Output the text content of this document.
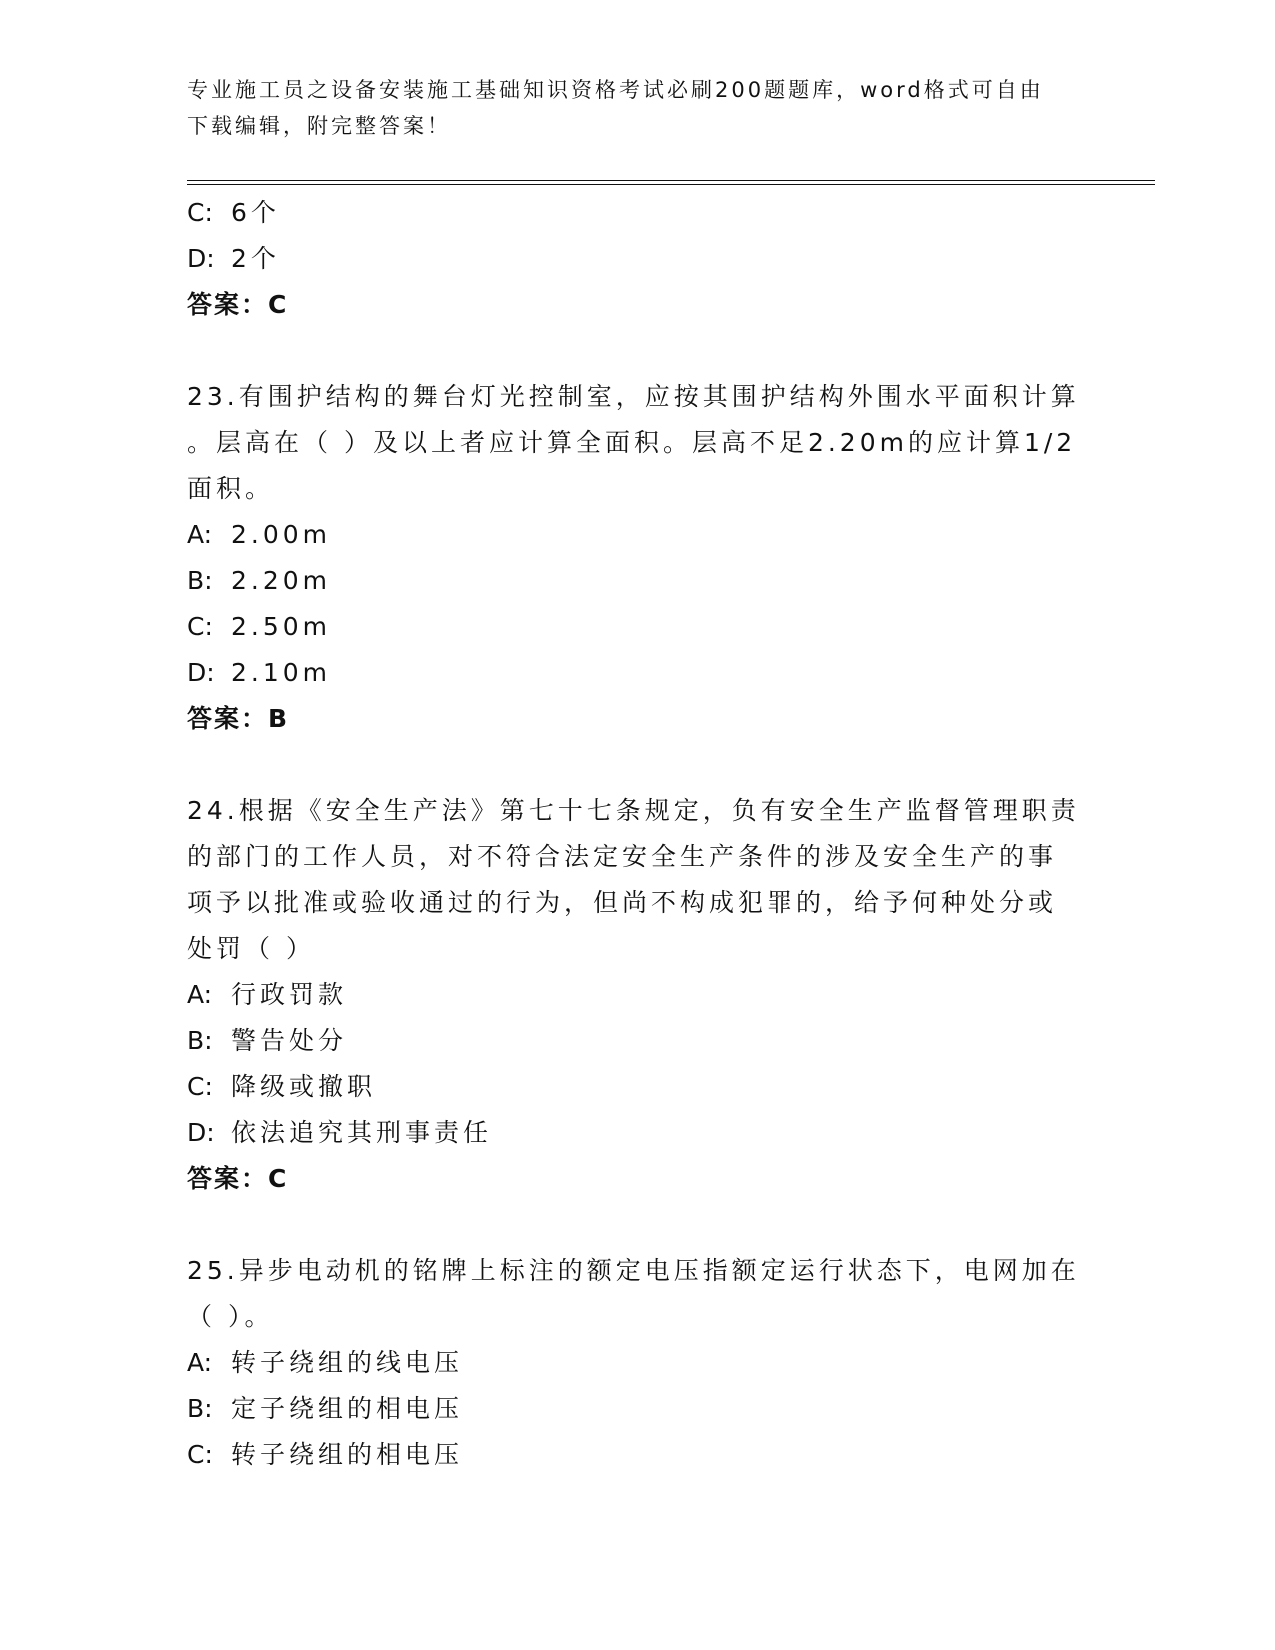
专业施工员之设备安装施工基础知识资格考试必刷200题题库，word格式可自由
下载编辑，附完整答案！
C: 6个
D: 2个
答案：C
23.有围护结构的舞台灯光控制室，应按其围护结构外围水平面积计算
。层高在（ ）及以上者应计算全面积。层高不足2.20m的应计算1/2
面积。
A: 2.00m
B: 2.20m
C: 2.50m
D: 2.10m
答案：B
24.根据《安全生产法》第七十七条规定，负有安全生产监督管理职责
的部门的工作人员，对不符合法定安全生产条件的涉及安全生产的事
项予以批准或验收通过的行为，但尚不构成犯罪的，给予何种处分或
处罚（ ）
A: 行政罚款
B: 警告处分
C: 降级或撤职
D: 依法追究其刑事责任
答案：C
25.异步电动机的铭牌上标注的额定电压指额定运行状态下，电网加在
（ ）。
A: 转子绕组的线电压
B: 定子绕组的相电压
C: 转子绕组的相电压
